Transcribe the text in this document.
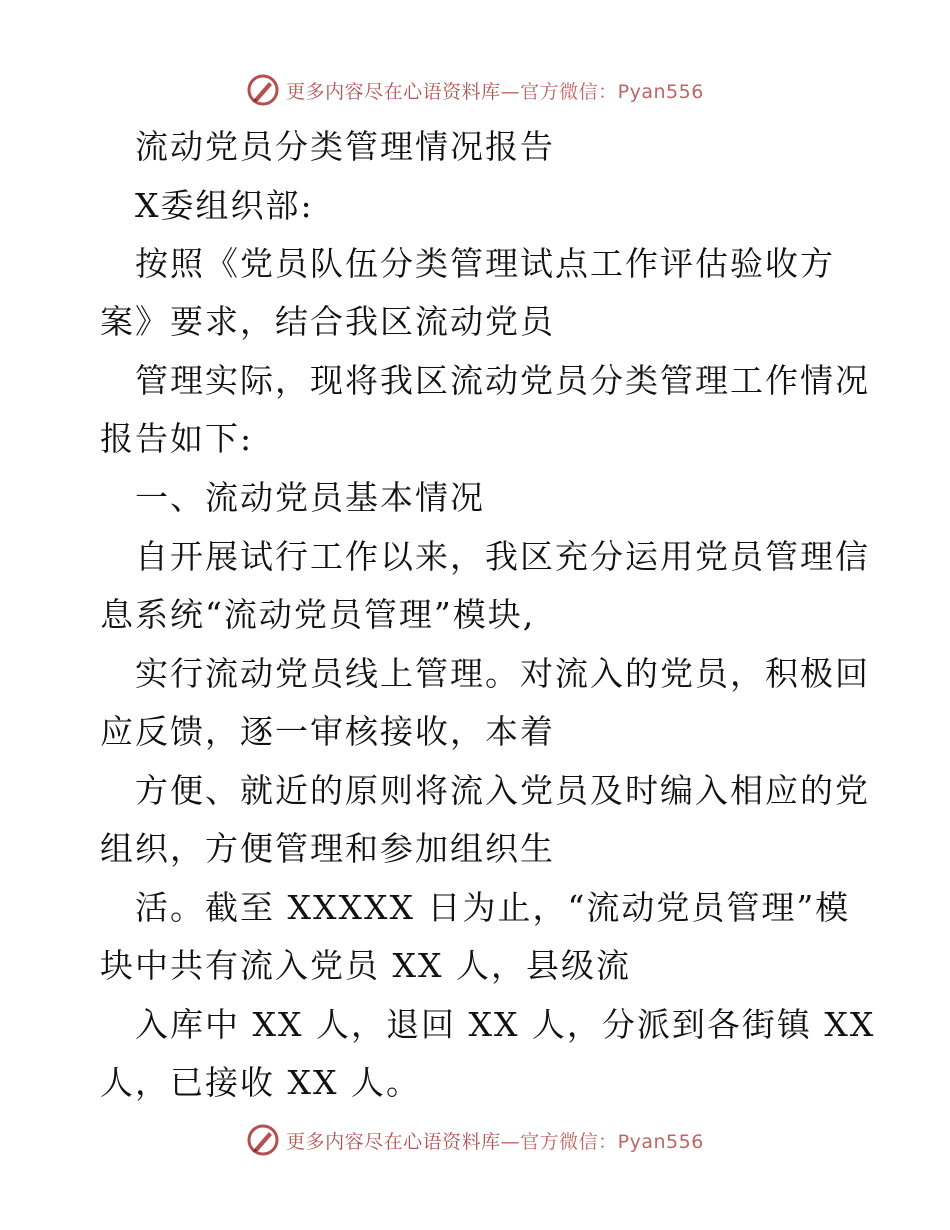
更多内容尽在心语资料库—官方微信：Pyan556
流动党员分类管理情况报告
X委组织部:
按照《党员队伍分类管理试点工作评估验收方
案》要求，结合我区流动党员
管理实际，现将我区流动党员分类管理工作情况
报告如下:
一、流动党员基本情况
自开展试行工作以来，我区充分运用党员管理信
息系统“流动党员管理”模块,
实行流动党员线上管理。对流入的党员，积极回
应反馈，逐一审核接收，本着
方便、就近的原则将流入党员及时编入相应的党
组织，方便管理和参加组织生
活。截至 XXXXX 日为止，“流动党员管理”模
块中共有流入党员 XX 人，县级流
入库中 XX 人，退回 XX 人，分派到各街镇 XX
人，已接收 XX 人。
更多内容尽在心语资料库—官方微信：Pyan556
